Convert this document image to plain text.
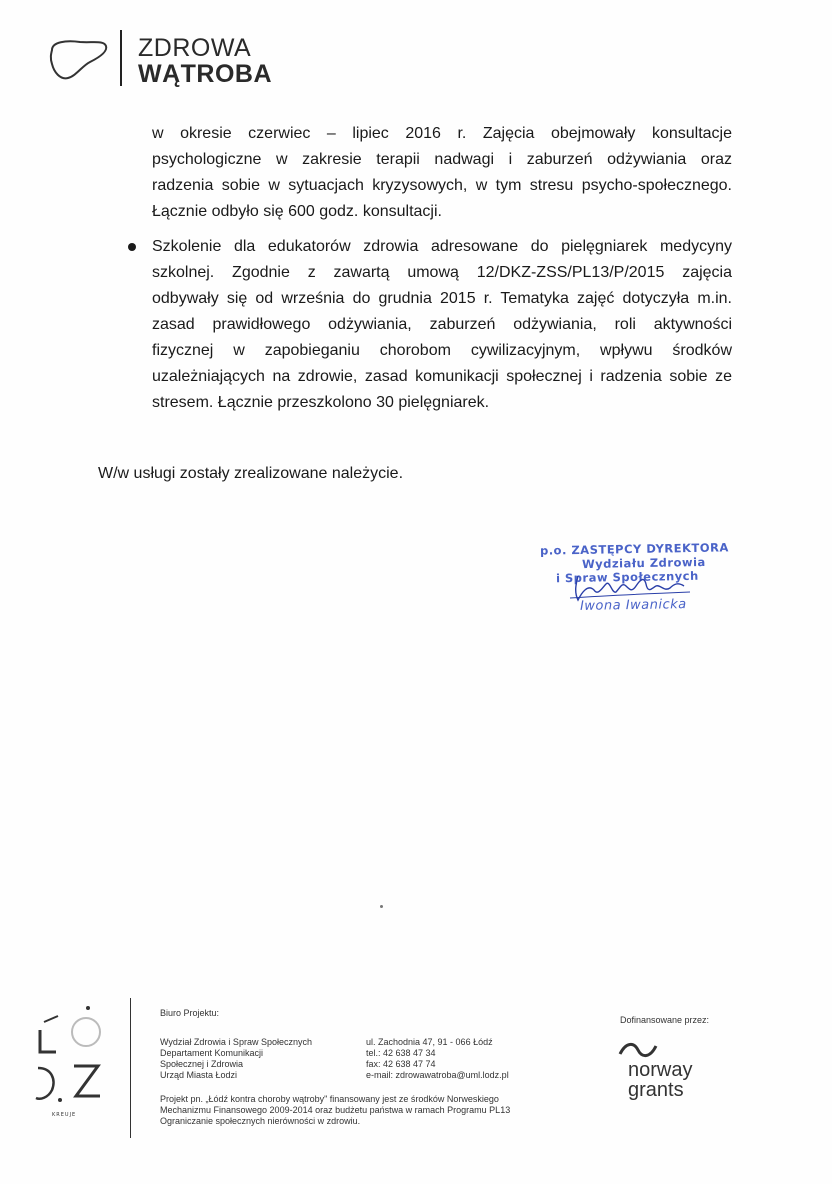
ZDROWA
WĄTROBA
w okresie czerwiec – lipiec 2016 r. Zajęcia obejmowały konsultacje
psychologiczne w zakresie terapii nadwagi i zaburzeń odżywiania oraz
radzenia sobie w sytuacjach kryzysowych, w tym stresu psycho-społecznego.
Łącznie odbyło się 600 godz. konsultacji.
Szkolenie dla edukatorów zdrowia adresowane do pielęgniarek medycyny
szkolnej. Zgodnie z zawartą umową 12/DKZ-ZSS/PL13/P/2015 zajęcia
odbywały się od września do grudnia 2015 r. Tematyka zajęć dotyczyła m.in.
zasad prawidłowego odżywiania, zaburzeń odżywiania, roli aktywności
fizycznej w zapobieganiu chorobom cywilizacyjnym, wpływu środków
uzależniających na zdrowie, zasad komunikacji społecznej i radzenia sobie ze
stresem. Łącznie przeszkolono 30 pielęgniarek.
W/w usługi zostały zrealizowane należycie.
p.o. ZASTĘPCY DYREKTORA
Wydziału Zdrowia
i Spraw Społecznych
Iwona Iwanicka
KREUJE
Biuro Projektu:
Wydział Zdrowia i Spraw Społecznych
Departament Komunikacji
Społecznej i Zdrowia
Urząd Miasta Łodzi
ul. Zachodnia 47, 91 - 066 Łódź
tel.: 42 638 47 34
fax: 42 638 47 74
e-mail: zdrowawatroba@uml.lodz.pl
Projekt pn. „Łódź kontra choroby wątroby" finansowany jest ze środków Norweskiego
Mechanizmu Finansowego 2009-2014 oraz budżetu państwa w ramach Programu PL13
Ograniczanie społecznych nierówności w zdrowiu.
Dofinansowane przez:
norway
grants
